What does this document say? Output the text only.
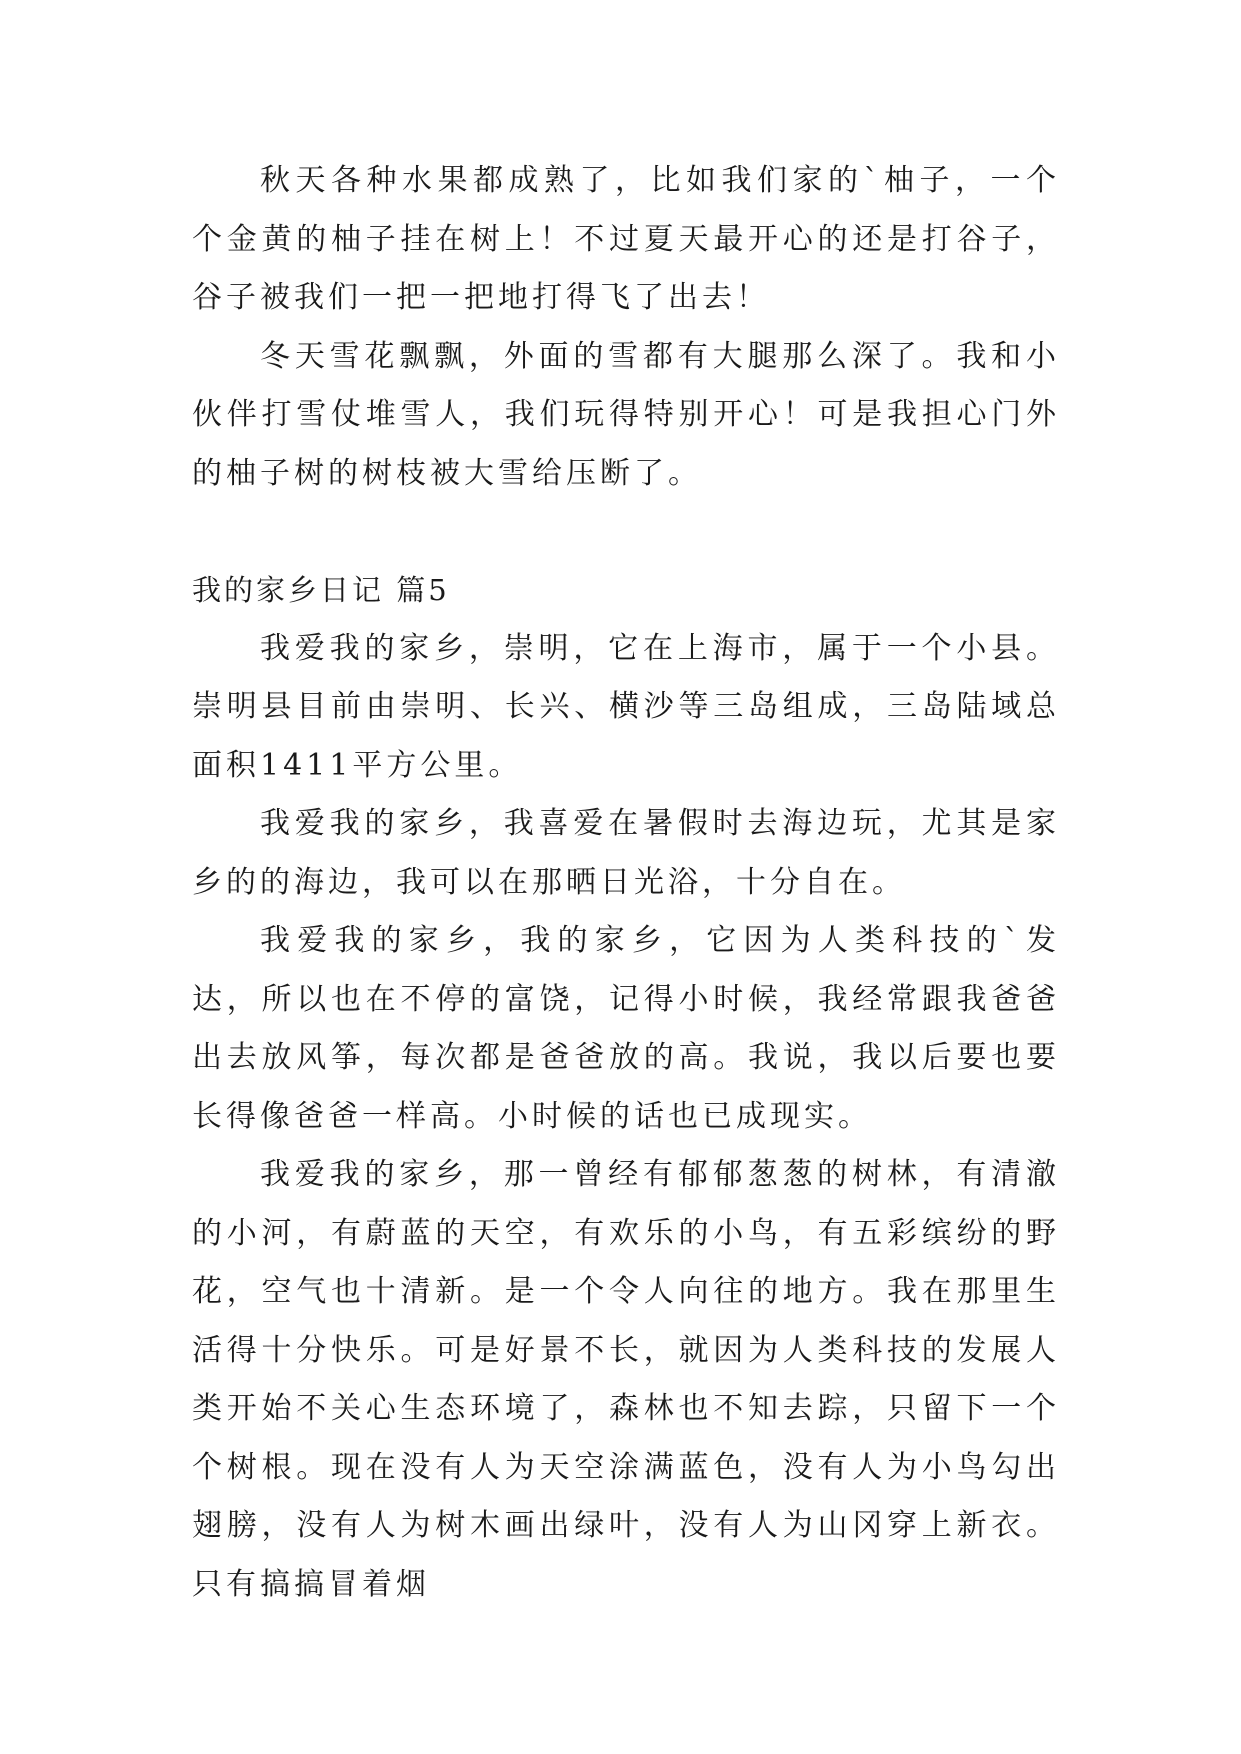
秋天各种水果都成熟了，比如我们家的`柚子，一个个金黄的柚子挂在树上！不过夏天最开心的还是打谷子，谷子被我们一把一把地打得飞了出去！

冬天雪花飘飘，外面的雪都有大腿那么深了。我和小伙伴打雪仗堆雪人，我们玩得特别开心！可是我担心门外的柚子树的树枝被大雪给压断了。

我的家乡日记 篇5

我爱我的家乡，崇明，它在上海市，属于一个小县。崇明县目前由崇明、长兴、横沙等三岛组成，三岛陆域总面积1411平方公里。

我爱我的家乡，我喜爱在暑假时去海边玩，尤其是家乡的的海边，我可以在那晒日光浴，十分自在。

我爱我的家乡，我的家乡，它因为人类科技的`发达，所以也在不停的富饶，记得小时候，我经常跟我爸爸出去放风筝，每次都是爸爸放的高。我说，我以后要也要长得像爸爸一样高。小时候的话也已成现实。

我爱我的家乡，那一曾经有郁郁葱葱的树林，有清澈的小河，有蔚蓝的天空，有欢乐的小鸟，有五彩缤纷的野花，空气也十清新。是一个令人向往的地方。我在那里生活得十分快乐。可是好景不长，就因为人类科技的发展人类开始不关心生态环境了，森林也不知去踪，只留下一个个树根。现在没有人为天空涂满蓝色，没有人为小鸟勾出翅膀，没有人为树木画出绿叶，没有人为山冈穿上新衣。只有搞搞冒着烟
